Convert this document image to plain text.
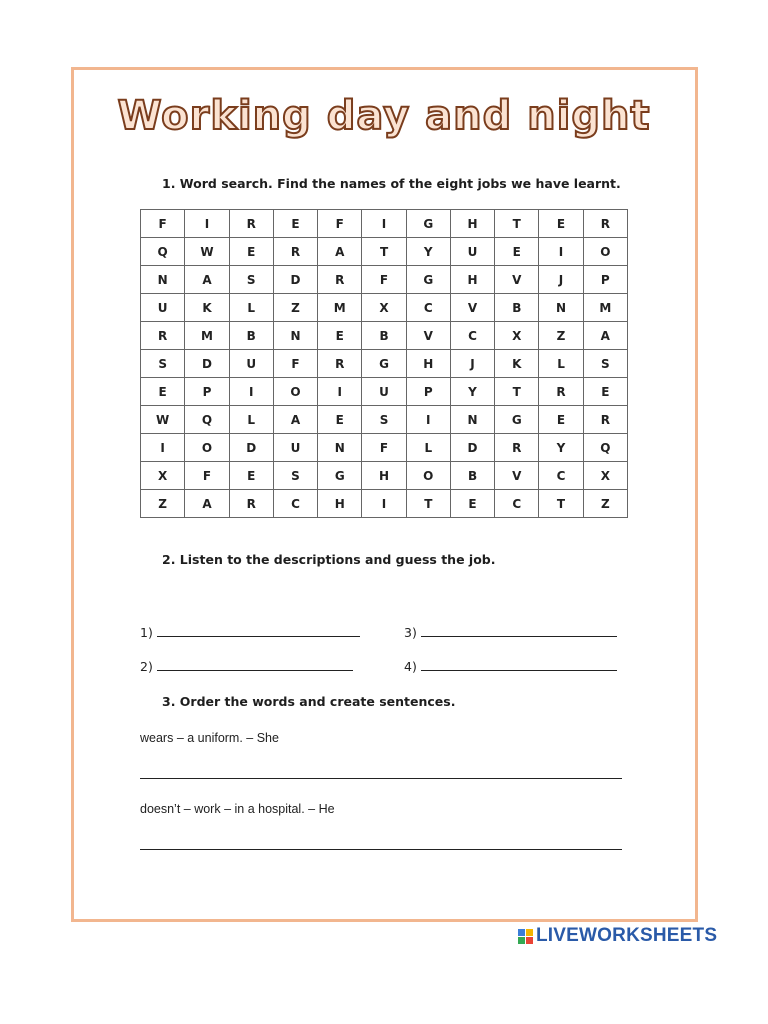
Working day and night
1. Word search. Find the names of the eight jobs we have learnt.
F	I	R	E	F	I	G	H	T	E	R
Q	W	E	R	A	T	Y	U	E	I	O
N	A	S	D	R	F	G	H	V	J	P
U	K	L	Z	M	X	C	V	B	N	M
R	M	B	N	E	B	V	C	X	Z	A
S	D	U	F	R	G	H	J	K	L	S
E	P	I	O	I	U	P	Y	T	R	E
W	Q	L	A	E	S	I	N	G	E	R
I	O	D	U	N	F	L	D	R	Y	Q
X	F	E	S	G	H	O	B	V	C	X
Z	A	R	C	H	I	T	E	C	T	Z
2. Listen to the descriptions and guess the job.
1)
2)
3)
4)
3. Order the words and create sentences.
wears – a uniform. – She
doesn’t – work – in a hospital. – He
LIVEWORKSHEETS
